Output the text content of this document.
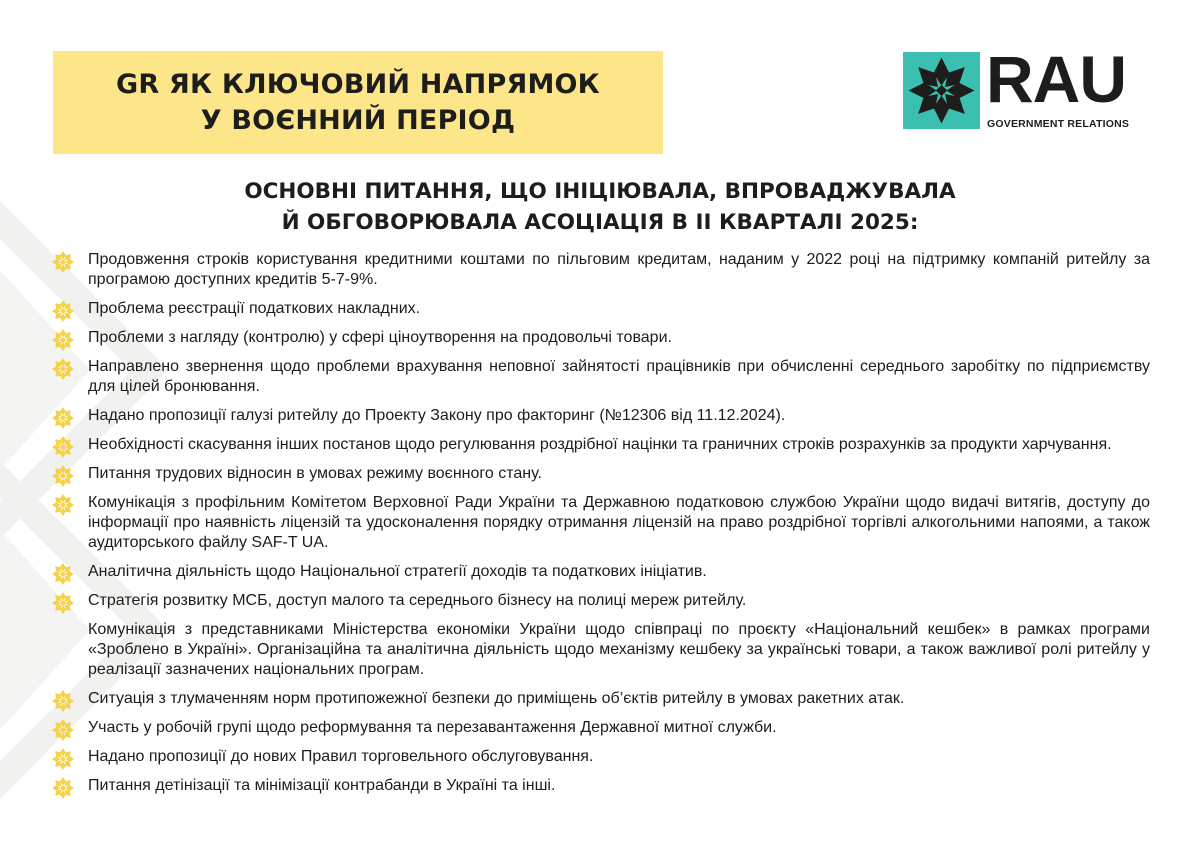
GR ЯК КЛЮЧОВИЙ НАПРЯМОК
У ВОЄННИЙ ПЕРІОД
RAU
GOVERNMENT RELATIONS
ОСНОВНІ ПИТАННЯ, ЩО ІНІЦІЮВАЛА, ВПРОВАДЖУВАЛА
Й ОБГОВОРЮВАЛА АСОЦІАЦІЯ В II КВАРТАЛІ 2025:
Продовження строків користування кредитними коштами по пільговим кредитам, наданим у 2022 році на підтримку компаній ритейлу за програмою доступних кредитів 5-7-9%.
Проблема реєстрації податкових накладних.
Проблеми з нагляду (контролю) у сфері ціноутворення на продовольчі товари.
Направлено звернення щодо проблеми врахування неповної зайнятості працівників при обчисленні середнього заробітку по підприємству для цілей бронювання.
Надано пропозиції галузі ритейлу до Проекту Закону про факторинг (№12306 від 11.12.2024).
Необхідності скасування інших постанов щодо регулювання роздрібної націнки та граничних строків розрахунків за продукти харчування.
Питання трудових відносин в умовах режиму воєнного стану.
Комунікація з профільним Комітетом Верховної Ради України та Державною податковою службою України щодо видачі витягів, доступу до інформації про наявність ліцензій та удосконалення порядку отримання ліцензій на право роздрібної торгівлі алкогольними напоями, а також аудиторського файлу SAF-T UA.
Аналітична діяльність щодо Національної стратегії доходів та податкових ініціатив.
Стратегія розвитку МСБ, доступ малого та середнього бізнесу на полиці мереж ритейлу.
Комунікація з представниками Міністерства економіки України щодо співпраці по проєкту «Національний кешбек» в рамках програми «Зроблено в Україні». Організаційна та аналітична діяльність щодо механізму кешбеку за українські товари, а також важливої ролі ритейлу у реалізації зазначених національних програм.
Ситуація з тлумаченням норм протипожежної безпеки до приміщень об’єктів ритейлу в умовах ракетних атак.
Участь у робочій групі щодо реформування та перезавантаження Державної митної служби.
Надано пропозиції до нових Правил торговельного обслуговування.
Питання детінізації та мінімізації контрабанди в Україні та інші.
